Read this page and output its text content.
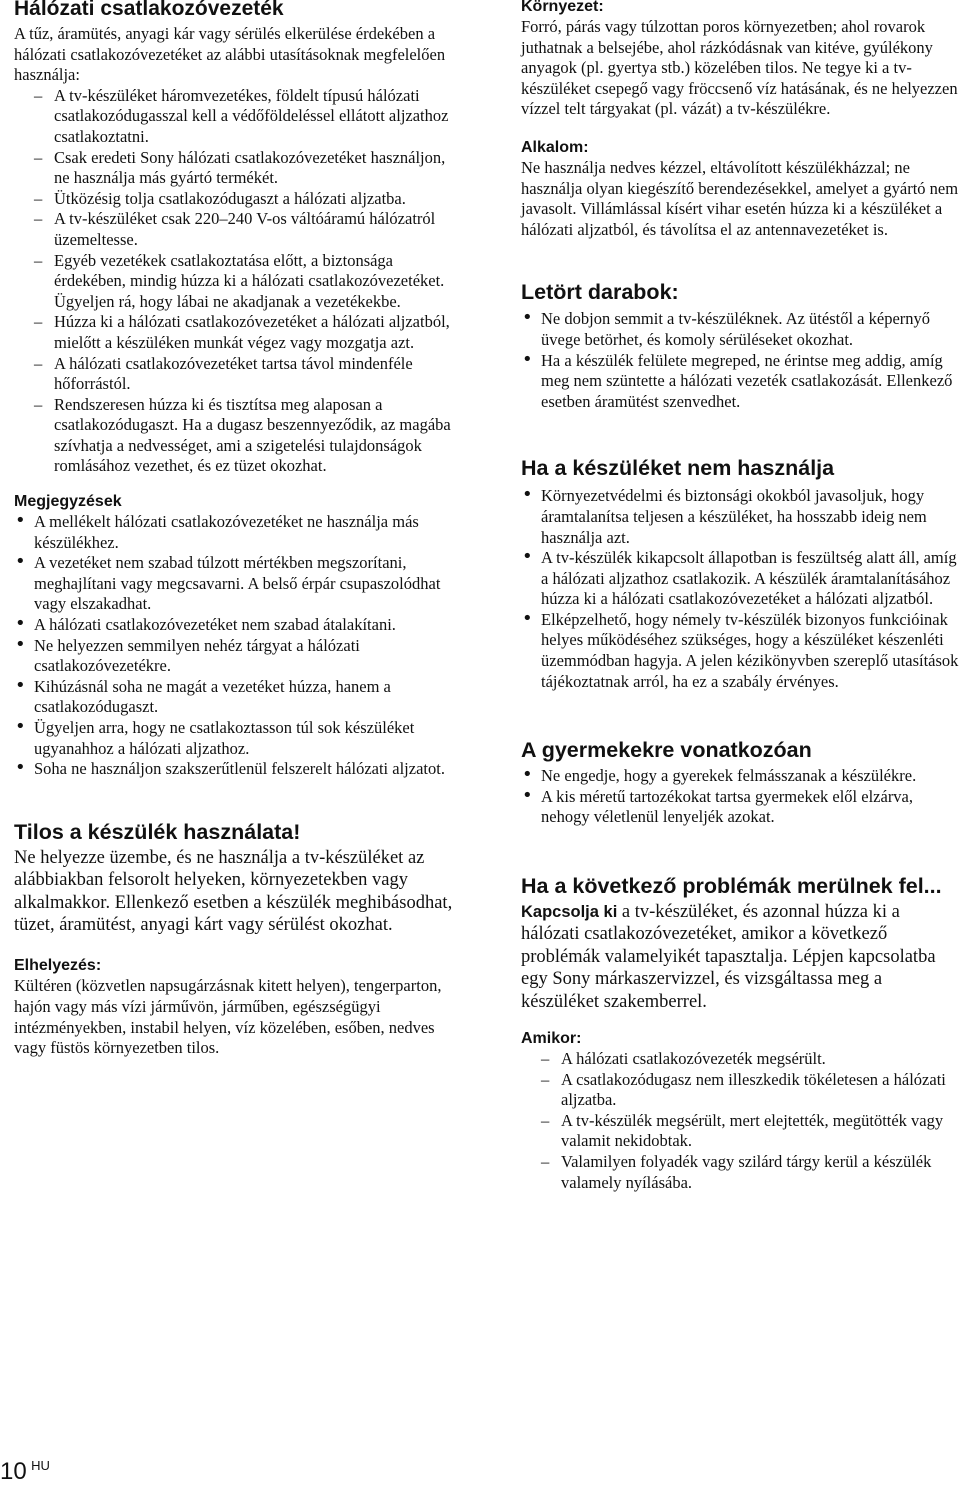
Hálózati csatlakozóvezeték

A tűz, áramütés, anyagi kár vagy sérülés elkerülése érdekében a hálózati csatlakozóvezetéket az alábbi utasításoknak megfelelően használja:

– A tv-készüléket háromvezetékes, földelt típusú hálózati csatlakozódugasszal kell a védőföldeléssel ellátott aljzathoz csatlakoztatni.
– Csak eredeti Sony hálózati csatlakozóvezetéket használjon, ne használja más gyártó termékét.
– Ütközésig tolja csatlakozódugaszt a hálózati aljzatba.
– A tv-készüléket csak 220–240 V-os váltóáramú hálózatról üzemeltesse.
– Egyéb vezetékek csatlakoztatása előtt, a biztonsága érdekében, mindig húzza ki a hálózati csatlakozóvezetéket. Ügyeljen rá, hogy lábai ne akadjanak a vezetékekbe.
– Húzza ki a hálózati csatlakozóvezetéket a hálózati aljzatból, mielőtt a készüléken munkát végez vagy mozgatja azt.
– A hálózati csatlakozóvezetéket tartsa távol mindenféle hőforrástól.
– Rendszeresen húzza ki és tisztítsa meg alaposan a csatlakozódugaszt. Ha a dugasz beszennyeződik, az magába szívhatja a nedvességet, ami a szigetelési tulajdonságok romlásához vezethet, és ez tüzet okozhat.
Megjegyzések
• A mellékelt hálózati csatlakozóvezetéket ne használja más készülékhez.
• A vezetéket nem szabad túlzott mértékben megszorítani, meghajlítani vagy megcsavarni. A belső érpár csupaszolódhat vagy elszakadhat.
• A hálózati csatlakozóvezetéket nem szabad átalakítani.
• Ne helyezzen semmilyen nehéz tárgyat a hálózati csatlakozóvezetékre.
• Kihúzásnál soha ne magát a vezetéket húzza, hanem a csatlakozódugaszt.
• Ügyeljen arra, hogy ne csatlakoztasson túl sok készüléket ugyanahhoz a hálózati aljzathoz.
• Soha ne használjon szakszerűtlenül felszerelt hálózati aljzatot.
Tilos a készülék használata!

Ne helyezze üzembe, és ne használja a tv-készüléket az alábbiakban felsorolt helyeken, környezetekben vagy alkalmakkor. Ellenkező esetben a készülék meghibásodhat, tüzet, áramütést, anyagi kárt vagy sérülést okozhat.

Elhelyezés:

Kültéren (közvetlen napsugárzásnak kitett helyen), tengerparton, hajón vagy más vízi járművön, járműben, egészségügyi intézményekben, instabil helyen, víz közelében, esőben, nedves vagy füstös környezetben tilos.

Környezet:

Forró, párás vagy túlzottan poros környezetben; ahol rovarok juthatnak a belsejébe, ahol rázkódásnak van kitéve, gyúlékony anyagok (pl. gyertya stb.) közelében tilos. Ne tegye ki a tv-készüléket csepegő vagy fröccsenő víz hatásának, és ne helyezzen vízzel telt tárgyakat (pl. vázát) a tv-készülékre.

Alkalom:

Ne használja nedves kézzel, eltávolított készülékházzal; ne használja olyan kiegészítő berendezésekkel, amelyet a gyártó nem javasolt. Villámlással kísért vihar esetén húzza ki a készüléket a hálózati aljzatból, és távolítsa el az antennavezetéket is.

Letört darabok:
• Ne dobjon semmit a tv-készüléknek. Az ütéstől a képernyő üvege betörhet, és komoly sérüléseket okozhat.
• Ha a készülék felülete megreped, ne érintse meg addig, amíg meg nem szüntette a hálózati vezeték csatlakozását. Ellenkező esetben áramütést szenvedhet.
Ha a készüléket nem használja
• Környezetvédelmi és biztonsági okokból javasoljuk, hogy áramtalanítsa teljesen a készüléket, ha hosszabb ideig nem használja azt.
• A tv-készülék kikapcsolt állapotban is feszültség alatt áll, amíg a hálózati aljzathoz csatlakozik. A készülék áramtalanításához húzza ki a hálózati csatlakozóvezetéket a hálózati aljzatból.
• Elképzelhető, hogy némely tv-készülék bizonyos funkcióinak helyes működéséhez szükséges, hogy a készüléket készenléti üzemmódban hagyja. A jelen kézikönyvben szereplő utasítások tájékoztatnak arról, ha ez a szabály érvényes.
A gyermekekre vonatkozóan
• Ne engedje, hogy a gyerekek felmásszanak a készülékre.
• A kis méretű tartozékokat tartsa gyermekek elől elzárva, nehogy véletlenül lenyeljék azokat.
Ha a következő problémák merülnek fel...

Kapcsolja ki a tv-készüléket, és azonnal húzza ki a hálózati csatlakozóvezetéket, amikor a következő problémák valamelyikét tapasztalja. Lépjen kapcsolatba egy Sony márkaszervizzel, és vizsgáltassa meg a készüléket szakemberrel.

Amikor:
– A hálózati csatlakozóvezeték megsérült.
– A csatlakozódugasz nem illeszkedik tökéletesen a hálózati aljzatba.
– A tv-készülék megsérült, mert elejtették, megütötték vagy valamit nekidobtak.
– Valamilyen folyadék vagy szilárd tárgy kerül a készülék valamely nyílásába.
10 $^{HU}$
